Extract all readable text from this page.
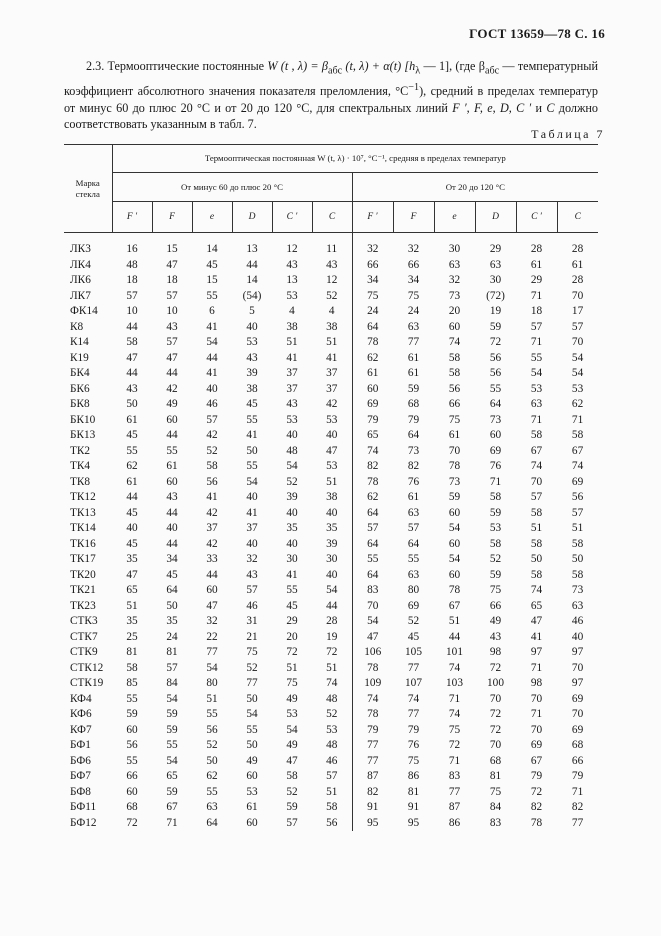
ГОСТ 13659—78 С. 16
2.3. Термооптические постоянные W (t , $\lambda) = \beta_{абс}$ (t, λ) + α(t) [$h_\lambda$ — 1], (где $\beta_{абс}$ — температурный коэффициент абсолютного значения показателя преломления, $^\circ С^{-1}$), средний в пределах температур от минус 60 до плюс 20 °С и от 20 до 120 °С, для спектральных линий F ′, F, e, D, C ′ и C должно соответствовать указанным в табл. 7.
Таблица 7
Марка стекла	Термооптическая постоянная W (t, λ) · 10⁷, °С⁻¹, средняя в пределах температур											
	От минус 60 до плюс 20 °С						От 20 до 120 °С					
	F ′	F	e	D	C ′	C	F ′	F	e	D	C ′	C

ЛК3	16	15	14	13	12	11	32	32	30	29	28	28
ЛК4	48	47	45	44	43	43	66	66	63	63	61	61
ЛК6	18	18	15	14	13	12	34	34	32	30	29	28
ЛК7	57	57	55	(54)	53	52	75	75	73	(72)	71	70
ФК14	10	10	6	5	4	4	24	24	20	19	18	17
К8	44	43	41	40	38	38	64	63	60	59	57	57
К14	58	57	54	53	51	51	78	77	74	72	71	70
К19	47	47	44	43	41	41	62	61	58	56	55	54
БК4	44	44	41	39	37	37	61	61	58	56	54	54
БК6	43	42	40	38	37	37	60	59	56	55	53	53
БК8	50	49	46	45	43	42	69	68	66	64	63	62
БК10	61	60	57	55	53	53	79	79	75	73	71	71
БК13	45	44	42	41	40	40	65	64	61	60	58	58
ТК2	55	55	52	50	48	47	74	73	70	69	67	67
ТК4	62	61	58	55	54	53	82	82	78	76	74	74
ТК8	61	60	56	54	52	51	78	76	73	71	70	69
ТК12	44	43	41	40	39	38	62	61	59	58	57	56
ТК13	45	44	42	41	40	40	64	63	60	59	58	57
ТК14	40	40	37	37	35	35	57	57	54	53	51	51
ТК16	45	44	42	40	40	39	64	64	60	58	58	58
ТК17	35	34	33	32	30	30	55	55	54	52	50	50
ТК20	47	45	44	43	41	40	64	63	60	59	58	58
ТК21	65	64	60	57	55	54	83	80	78	75	74	73
ТК23	51	50	47	46	45	44	70	69	67	66	65	63
СТК3	35	35	32	31	29	28	54	52	51	49	47	46
СТК7	25	24	22	21	20	19	47	45	44	43	41	40
СТК9	81	81	77	75	72	72	106	105	101	98	97	97
СТК12	58	57	54	52	51	51	78	77	74	72	71	70
СТК19	85	84	80	77	75	74	109	107	103	100	98	97
КФ4	55	54	51	50	49	48	74	74	71	70	70	69
КФ6	59	59	55	54	53	52	78	77	74	72	71	70
КФ7	60	59	56	55	54	53	79	79	75	72	70	69
БФ1	56	55	52	50	49	48	77	76	72	70	69	68
БФ6	55	54	50	49	47	46	77	75	71	68	67	66
БФ7	66	65	62	60	58	57	87	86	83	81	79	79
БФ8	60	59	55	53	52	51	82	81	77	75	72	71
БФ11	68	67	63	61	59	58	91	91	87	84	82	82
БФ12	72	71	64	60	57	56	95	95	86	83	78	77
